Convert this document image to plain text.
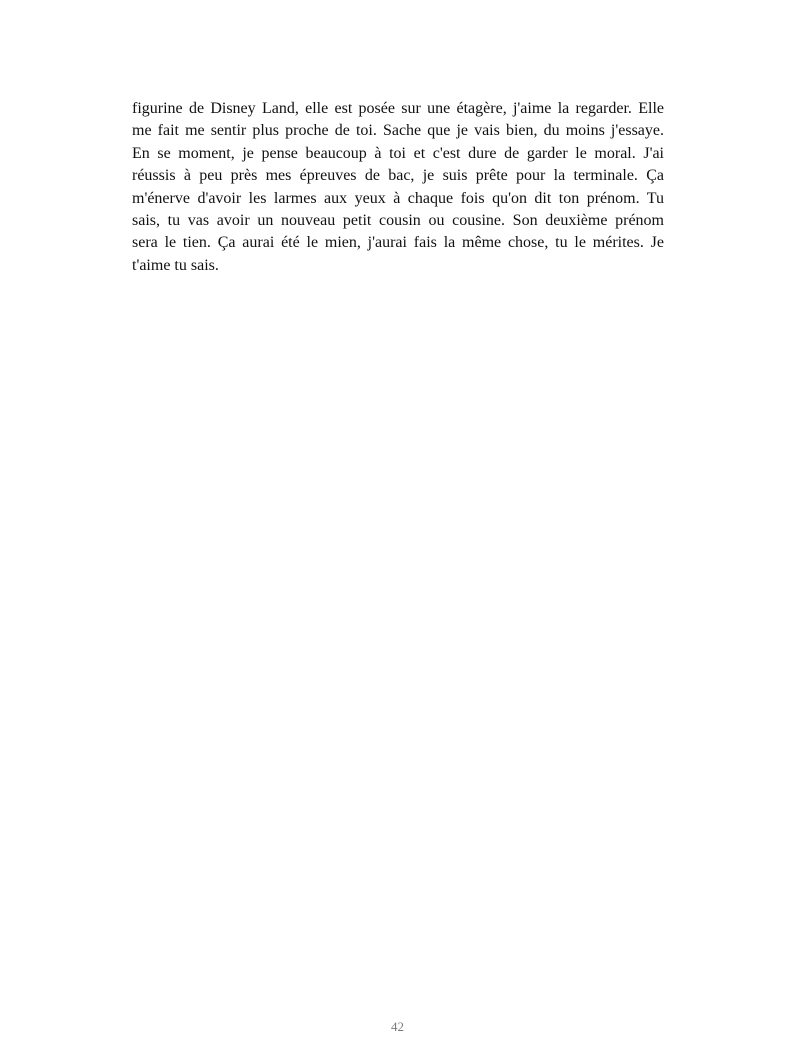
figurine de Disney Land, elle est posée sur une étagère, j'aime la regarder. Elle
me fait me sentir plus proche de toi. Sache que je vais bien, du moins j'essaye.
En se moment, je pense beaucoup à toi et c'est dure de garder le moral. J'ai
réussis à peu près mes épreuves de bac, je suis prête pour la terminale. Ça
m'énerve d'avoir les larmes aux yeux à chaque fois qu'on dit ton prénom. Tu
sais, tu vas avoir un nouveau petit cousin ou cousine. Son deuxième prénom
sera le tien. Ça aurai été le mien, j'aurai fais la même chose, tu le mérites. Je
t'aime tu sais.
42
